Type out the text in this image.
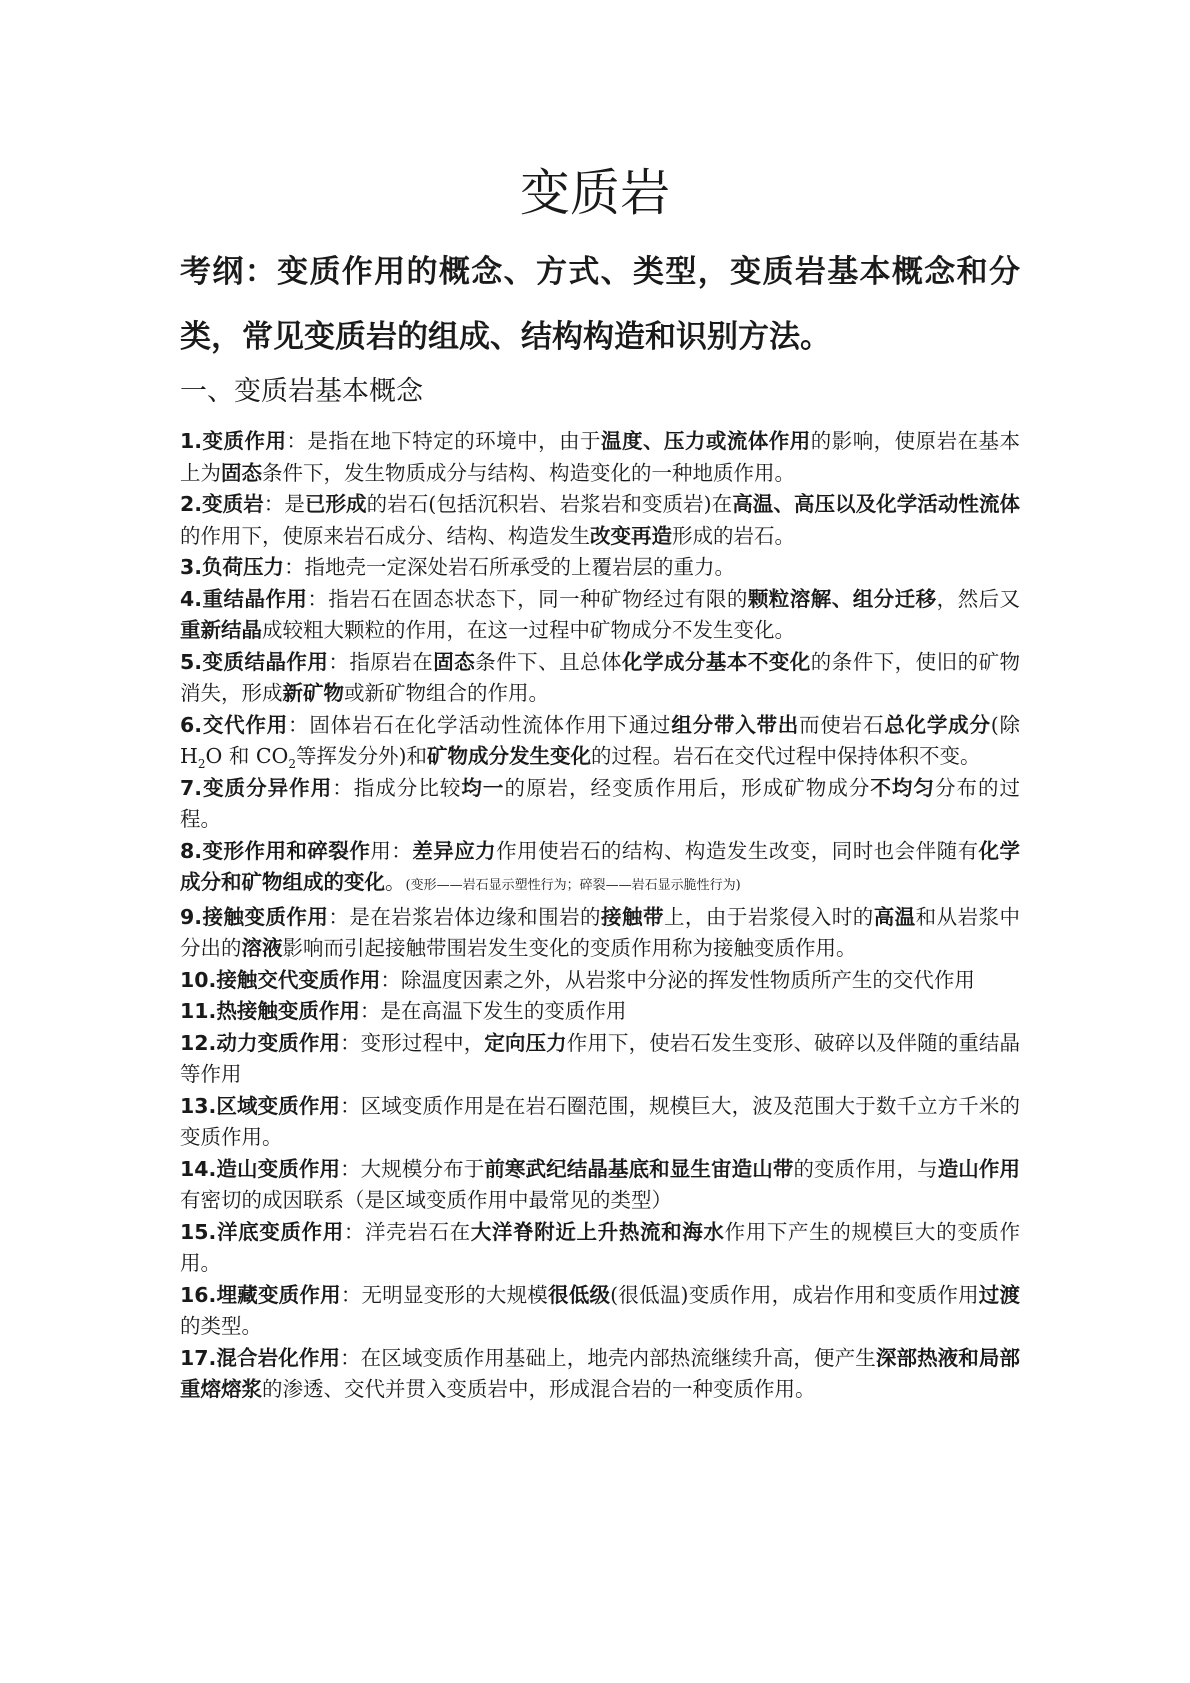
变质岩

考纲：变质作用的概念、方式、类型，变质岩基本概念和分类，常见变质岩的组成、结构构造和识别方法。

一、变质岩基本概念
1.变质作用：是指在地下特定的环境中，由于温度、压力或流体作用的影响，使原岩在基本上为固态条件下，发生物质成分与结构、构造变化的一种地质作用。
2.变质岩：是已形成的岩石(包括沉积岩、岩浆岩和变质岩)在高温、高压以及化学活动性流体的作用下，使原来岩石成分、结构、构造发生改变再造形成的岩石。
3.负荷压力：指地壳一定深处岩石所承受的上覆岩层的重力。
4.重结晶作用：指岩石在固态状态下，同一种矿物经过有限的颗粒溶解、组分迁移，然后又重新结晶成较粗大颗粒的作用，在这一过程中矿物成分不发生变化。
5.变质结晶作用：指原岩在固态条件下、且总体化学成分基本不变化的条件下，使旧的矿物消失，形成新矿物或新矿物组合的作用。
6.交代作用：固体岩石在化学活动性流体作用下通过组分带入带出而使岩石总化学成分(除 $H_2O$ 和 $CO_2$等挥发分外)和矿物成分发生变化的过程。岩石在交代过程中保持体积不变。
7.变质分异作用：指成分比较均一的原岩，经变质作用后，形成矿物成分不均匀分布的过程。
8.变形作用和碎裂作用：差异应力作用使岩石的结构、构造发生改变，同时也会伴随有化学成分和矿物组成的变化。(变形——岩石显示塑性行为；碎裂——岩石显示脆性行为)
9.接触变质作用：是在岩浆岩体边缘和围岩的接触带上，由于岩浆侵入时的高温和从岩浆中分出的溶液影响而引起接触带围岩发生变化的变质作用称为接触变质作用。
10.接触交代变质作用：除温度因素之外，从岩浆中分泌的挥发性物质所产生的交代作用
11.热接触变质作用：是在高温下发生的变质作用
12.动力变质作用：变形过程中，定向压力作用下，使岩石发生变形、破碎以及伴随的重结晶等作用
13.区域变质作用：区域变质作用是在岩石圈范围，规模巨大，波及范围大于数千立方千米的变质作用。
14.造山变质作用：大规模分布于前寒武纪结晶基底和显生宙造山带的变质作用，与造山作用有密切的成因联系（是区域变质作用中最常见的类型）
15.洋底变质作用：洋壳岩石在大洋脊附近上升热流和海水作用下产生的规模巨大的变质作用。
16.埋藏变质作用：无明显变形的大规模很低级(很低温)变质作用，成岩作用和变质作用过渡的类型。
17.混合岩化作用：在区域变质作用基础上，地壳内部热流继续升高，便产生深部热液和局部重熔熔浆的渗透、交代并贯入变质岩中，形成混合岩的一种变质作用。
